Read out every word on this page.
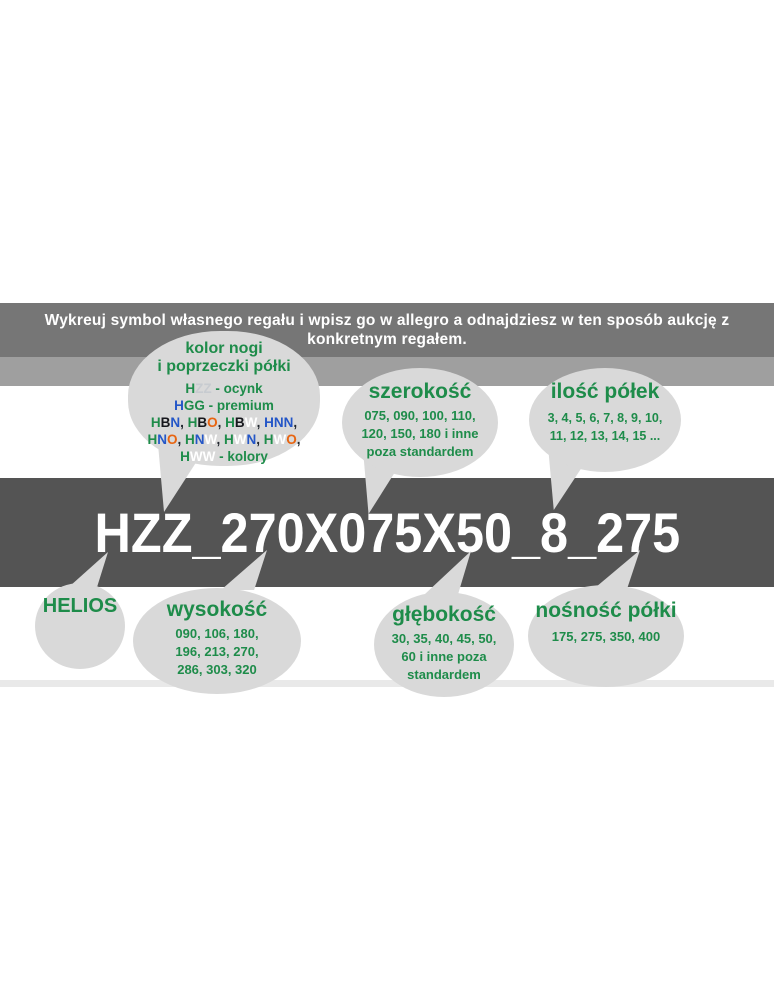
Wykreuj symbol własnego regału i wpisz go w allegro a odnajdziesz w ten sposób aukcję z
konkretnym regałem.
HZZ_270X075X50_8_275
kolor nogi
i poprzeczki półki
HZZ - ocynk
HGG - premium
HBN, HBO, HBW, HNN,
HNO, HNW, HWN, HWO,
HWW - kolory
szerokość
075, 090, 100, 110,
120, 150, 180 i inne
poza standardem
ilość półek
3, 4, 5, 6, 7, 8, 9, 10,
11, 12, 13, 14, 15 ...
HELIOS wysokość
090, 106, 180,
196, 213, 270,
286, 303, 320
głębokość
30, 35, 40, 45, 50,
60 i inne poza
standardem
nośność półki
175, 275, 350, 400
